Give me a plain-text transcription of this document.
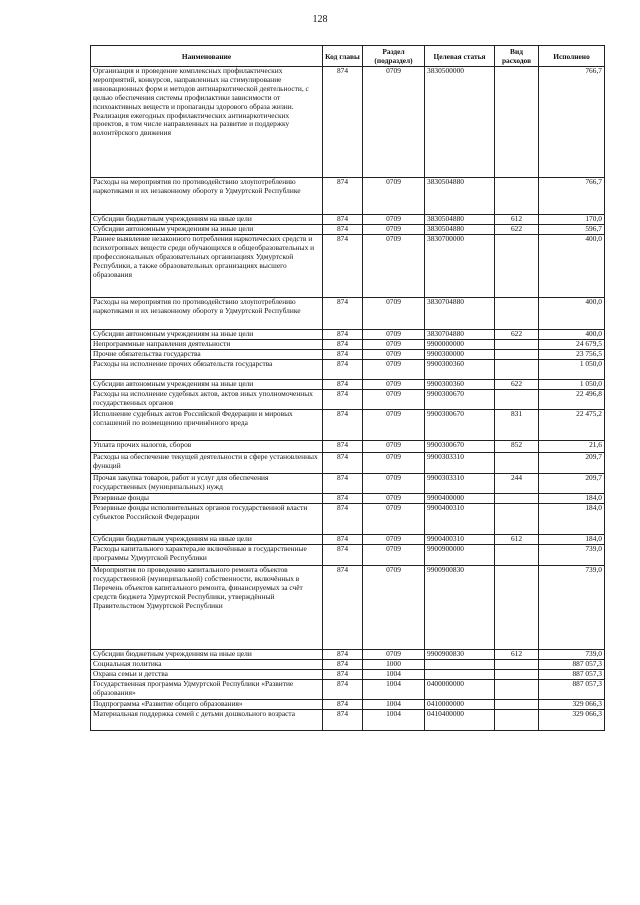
128
Наименование	Код главы	Раздел (подраздел)	Целевая статья	Вид расходов	Исполнено
Организация и проведение комплексных профилактических мероприятий, конкурсов, направленных на стимулирование инновационных форм и методов антинаркотической деятельности, с целью обеспечения системы профилактики зависимости от психоактивных веществ и пропаганды здорового образа жизни. Реализация ежегодных профилактических антинаркотических проектов, в том числе направленных на развитие и поддержку волонтёрского движения	874	0709	3830500000		766,7
Расходы на мероприятия по противодействию злоупотреблению наркотиками и их незаконному обороту в Удмуртской Республике	874	0709	3830504880		766,7
Субсидии бюджетным учреждениям на иные цели	874	0709	3830504880	612	170,0
Субсидии автономным учреждениям на иные цели	874	0709	3830504880	622	596,7
Раннее выявление незаконного потребления наркотических средств и психотропных веществ среди обучающихся в общеобразовательных и профессиональных образовательных организациях Удмуртской Республики, а также образовательных организациях высшего образования	874	0709	3830700000		400,0
Расходы на мероприятия по противодействию злоупотреблению наркотиками и их незаконному обороту в Удмуртской Республике	874	0709	3830704880		400,0
Субсидии автономным учреждениям на иные цели	874	0709	3830704880	622	400,0
Непрограммные направления деятельности	874	0709	9900000000		24 679,5
Прочие обязательства государства	874	0709	9900300000		23 756,5
Расходы на исполнение прочих обязательств государства	874	0709	9900300360		1 050,0
Субсидии автономным учреждениям на иные цели	874	0709	9900300360	622	1 050,0
Расходы на исполнение судебных актов, актов иных уполномоченных государственных органов	874	0709	9900300670		22 496,8
Исполнение судебных актов Российской Федерации и мировых соглашений по возмещению причинённого вреда	874	0709	9900300670	831	22 475,2
Уплата прочих налогов, сборов	874	0709	9900300670	852	21,6
Расходы на обеспечение текущей деятельности в сфере установленных функций	874	0709	9900303310		209,7
Прочая закупка товаров, работ и услуг для обеспечения государственных (муниципальных) нужд	874	0709	9900303310	244	209,7
Резервные фонды	874	0709	9900400000		184,0
Резервные фонды исполнительных органов государственной власти субъектов Российской Федерации	874	0709	9900400310		184,0
Субсидии бюджетным учреждениям на иные цели	874	0709	9900400310	612	184,0
Расходы капитального характера,не включённые в государственные программы Удмуртской Республики	874	0709	9900900000		739,0
Мероприятия по проведению капитального ремонта объектов государственной (муниципальной) собственности, включённых в Перечень объектов капитального ремонта, финансируемых за счёт средств бюджета Удмуртской Республики, утверждённый Правительством Удмуртской Республики	874	0709	9900900830		739,0
Субсидии бюджетным учреждениям на иные цели	874	0709	9900900830	612	739,0
Социальная политика	874	1000			887 057,3
Охрана семьи и детства	874	1004			887 057,3
Государственная программа Удмуртской Республики «Развитие образования»	874	1004	0400000000		887 057,3
Подпрограмма «Развитие общего образования»	874	1004	0410000000		329 066,3
Материальная поддержка семей с детьми дошкольного возраста	874	1004	0410400000		329 066,3
